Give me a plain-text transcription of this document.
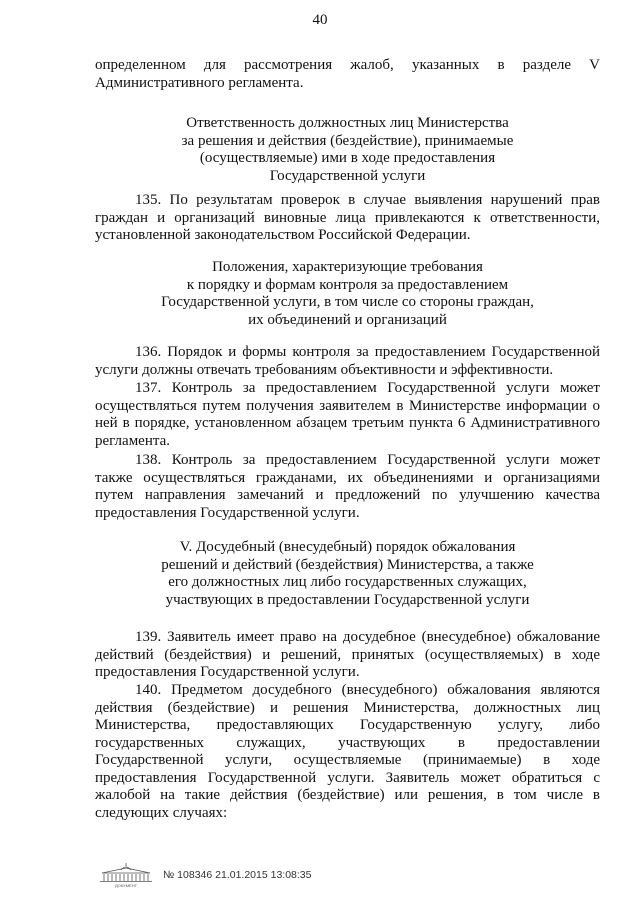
40
определенном для рассмотрения жалоб, указанных в разделе V
Административного регламента.
Ответственность должностных лиц Министерства
за решения и действия (бездействие), принимаемые
(осуществляемые) ими в ходе предоставления
Государственной услуги
135. По результатам проверок в случае выявления нарушений прав
граждан и организаций виновные лица привлекаются к ответственности,
установленной законодательством Российской Федерации.
Положения, характеризующие требования
к порядку и формам контроля за предоставлением
Государственной услуги, в том числе со стороны граждан,
их объединений и организаций
136. Порядок и формы контроля за предоставлением Государственной
услуги должны отвечать требованиям объективности и эффективности.
137. Контроль за предоставлением Государственной услуги может
осуществляться путем получения заявителем в Министерстве информации о
ней в порядке, установленном абзацем третьим пункта 6 Административного
регламента.
138. Контроль за предоставлением Государственной услуги может
также осуществляться гражданами, их объединениями и организациями
путем направления замечаний и предложений по улучшению качества
предоставления Государственной услуги.
V. Досудебный (внесудебный) порядок обжалования
решений и действий (бездействия) Министерства, а также
его должностных лиц либо государственных служащих,
участвующих в предоставлении Государственной услуги
139. Заявитель имеет право на досудебное (внесудебное) обжалование
действий (бездействия) и решений, принятых (осуществляемых) в ходе
предоставления Государственной услуги.
140. Предметом досудебного (внесудебного) обжалования являются
действия (бездействие) и решения Министерства, должностных лиц
Министерства, предоставляющих Государственную услугу, либо
государственных служащих, участвующих в предоставлении
Государственной услуги, осуществляемые (принимаемые) в ходе
предоставления Государственной услуги. Заявитель может обратиться с
жалобой на такие действия (бездействие) или решения, в том числе в
следующих случаях:
ДОКУМЕНТ
№ 108346 21.01.2015 13:08:35
